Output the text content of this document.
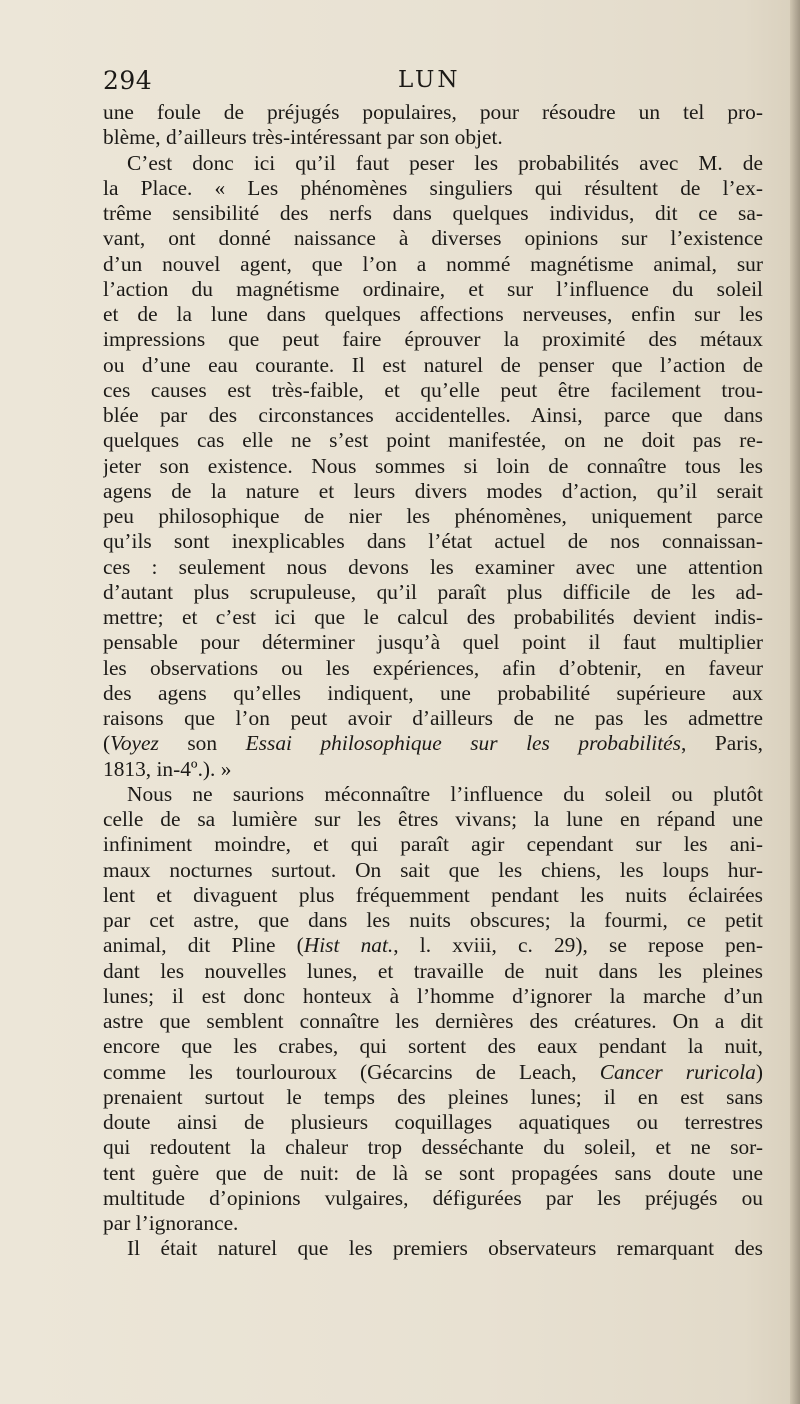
294	LUN
une foule de préjugés populaires, pour résoudre un tel pro-
blème, d’ailleurs très-intéressant par son objet.
C’est donc ici qu’il faut peser les probabilités avec M. de
la Place. « Les phénomènes singuliers qui résultent de l’ex-
trême sensibilité des nerfs dans quelques individus, dit ce sa-
vant, ont donné naissance à diverses opinions sur l’existence
d’un nouvel agent, que l’on a nommé magnétisme animal, sur
l’action du magnétisme ordinaire, et sur l’influence du soleil
et de la lune dans quelques affections nerveuses, enfin sur les
impressions que peut faire éprouver la proximité des métaux
ou d’une eau courante. Il est naturel de penser que l’action de
ces causes est très-faible, et qu’elle peut être facilement trou-
blée par des circonstances accidentelles. Ainsi, parce que dans
quelques cas elle ne s’est point manifestée, on ne doit pas re-
jeter son existence. Nous sommes si loin de connaître tous les
agens de la nature et leurs divers modes d’action, qu’il serait
peu philosophique de nier les phénomènes, uniquement parce
qu’ils sont inexplicables dans l’état actuel de nos connaissan-
ces : seulement nous devons les examiner avec une attention
d’autant plus scrupuleuse, qu’il paraît plus difficile de les ad-
mettre; et c’est ici que le calcul des probabilités devient indis-
pensable pour déterminer jusqu’à quel point il faut multiplier
les observations ou les expériences, afin d’obtenir, en faveur
des agens qu’elles indiquent, une probabilité supérieure aux
raisons que l’on peut avoir d’ailleurs de ne pas les admettre
(Voyez son Essai philosophique sur les probabilités, Paris,
1813, in-4º.). »
Nous ne saurions méconnaître l’influence du soleil ou plutôt
celle de sa lumière sur les êtres vivans; la lune en répand une
infiniment moindre, et qui paraît agir cependant sur les ani-
maux nocturnes surtout. On sait que les chiens, les loups hur-
lent et divaguent plus fréquemment pendant les nuits éclairées
par cet astre, que dans les nuits obscures; la fourmi, ce petit
animal, dit Pline (Hist nat., l. xviii, c. 29), se repose pen-
dant les nouvelles lunes, et travaille de nuit dans les pleines
lunes; il est donc honteux à l’homme d’ignorer la marche d’un
astre que semblent connaître les dernières des créatures. On a dit
encore que les crabes, qui sortent des eaux pendant la nuit,
comme les tourlouroux (Gécarcins de Leach, Cancer ruricola)
prenaient surtout le temps des pleines lunes; il en est sans
doute ainsi de plusieurs coquillages aquatiques ou terrestres
qui redoutent la chaleur trop desséchante du soleil, et ne sor-
tent guère que de nuit: de là se sont propagées sans doute une
multitude d’opinions vulgaires, défigurées par les préjugés ou
par l’ignorance.
Il était naturel que les premiers observateurs remarquant des
